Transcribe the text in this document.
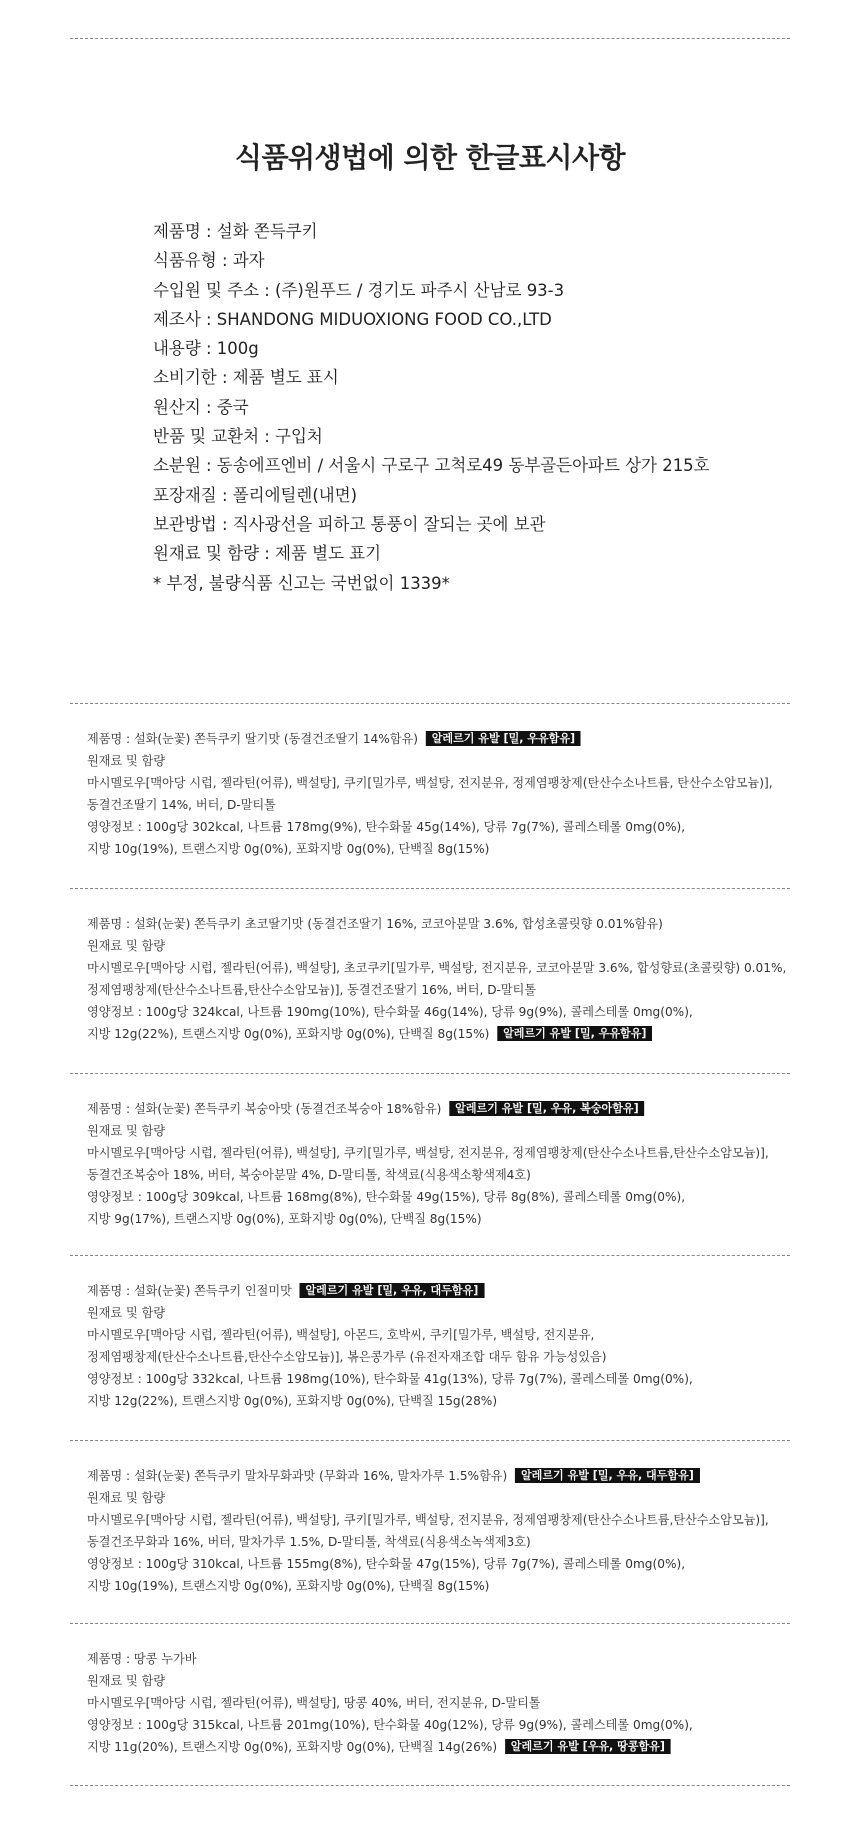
식품위생법에 의한 한글표시사항
제품명 : 설화 쫀득쿠키
식품유형 : 과자
수입원 및 주소 : (주)원푸드 / 경기도 파주시 산남로 93-3
제조사 : SHANDONG MIDUOXIONG FOOD CO.,LTD
내용량 : 100g
소비기한 : 제품 별도 표시
원산지 : 중국
반품 및 교환처 : 구입처
소분원 : 동송에프엔비 / 서울시 구로구 고척로49 동부골든아파트 상가 215호
포장재질 : 폴리에틸렌(내면)
보관방법 : 직사광선을 피하고 통풍이 잘되는 곳에 보관
원재료 및 함량 : 제품 별도 표기
* 부정, 불량식품 신고는 국번없이 1339*
제품명 : 설화(눈꽃) 쫀득쿠키 딸기맛 (동결건조딸기 14%함유) 알레르기 유발 [밀, 우유함유]
원재료 및 함량
마시멜로우[맥아당 시럽, 젤라틴(어류), 백설탕], 쿠키[밀가루, 백설탕, 전지분유, 정제염팽창제(탄산수소나트륨, 탄산수소암모늄)],
동결건조딸기 14%, 버터, D-말티톨
영양정보 : 100g당 302kcal, 나트륨 178mg(9%), 탄수화물 45g(14%), 당류 7g(7%), 콜레스테롤 0mg(0%),
지방 10g(19%), 트랜스지방 0g(0%), 포화지방 0g(0%), 단백질 8g(15%)
제품명 : 설화(눈꽃) 쫀득쿠키 초코딸기맛 (동결건조딸기 16%, 코코아분말 3.6%, 합성초콜릿향 0.01%함유)
원재료 및 함량
마시멜로우[맥아당 시럽, 젤라틴(어류), 백설탕], 초코쿠키[밀가루, 백설탕, 전지분유, 코코아분말 3.6%, 합성향료(초콜릿향) 0.01%,
정제염팽창제(탄산수소나트륨,탄산수소암모늄)], 동결건조딸기 16%, 버터, D-말티톨
영양정보 : 100g당 324kcal, 나트륨 190mg(10%), 탄수화물 46g(14%), 당류 9g(9%), 콜레스테롤 0mg(0%),
지방 12g(22%), 트랜스지방 0g(0%), 포화지방 0g(0%), 단백질 8g(15%) 알레르기 유발 [밀, 우유함유]
제품명 : 설화(눈꽃) 쫀득쿠키 복숭아맛 (동결건조복숭아 18%함유) 알레르기 유발 [밀, 우유, 복숭아함유]
원재료 및 함량
마시멜로우[맥아당 시럽, 젤라틴(어류), 백설탕], 쿠키[밀가루, 백설탕, 전지분유, 정제염팽창제(탄산수소나트륨,탄산수소암모늄)],
동결건조복숭아 18%, 버터, 복숭아분말 4%, D-말티톨, 착색료(식용색소황색제4호)
영양정보 : 100g당 309kcal, 나트륨 168mg(8%), 탄수화물 49g(15%), 당류 8g(8%), 콜레스테롤 0mg(0%),
지방 9g(17%), 트랜스지방 0g(0%), 포화지방 0g(0%), 단백질 8g(15%)
제품명 : 설화(눈꽃) 쫀득쿠키 인절미맛 알레르기 유발 [밀, 우유, 대두함유]
원재료 및 함량
마시멜로우[맥아당 시럽, 젤라틴(어류), 백설탕], 아몬드, 호박씨, 쿠키[밀가루, 백설탕, 전지분유,
정제염팽창제(탄산수소나트륨,탄산수소암모늄)], 볶은콩가루 (유전자재조합 대두 함유 가능성있음)
영양정보 : 100g당 332kcal, 나트륨 198mg(10%), 탄수화물 41g(13%), 당류 7g(7%), 콜레스테롤 0mg(0%),
지방 12g(22%), 트랜스지방 0g(0%), 포화지방 0g(0%), 단백질 15g(28%)
제품명 : 설화(눈꽃) 쫀득쿠키 말차무화과맛 (무화과 16%, 말차가루 1.5%함유) 알레르기 유발 [밀, 우유, 대두함유]
원재료 및 함량
마시멜로우[맥아당 시럽, 젤라틴(어류), 백설탕], 쿠키[밀가루, 백설탕, 전지분유, 정제염팽창제(탄산수소나트륨,탄산수소암모늄)],
동결건조무화과 16%, 버터, 말차가루 1.5%, D-말티톨, 착색료(식용색소녹색제3호)
영양정보 : 100g당 310kcal, 나트륨 155mg(8%), 탄수화물 47g(15%), 당류 7g(7%), 콜레스테롤 0mg(0%),
지방 10g(19%), 트랜스지방 0g(0%), 포화지방 0g(0%), 단백질 8g(15%)
제품명 : 땅콩 누가바
원재료 및 함량
마시멜로우[맥아당 시럽, 젤라틴(어류), 백설탕], 땅콩 40%, 버터, 전지분유, D-말티톨
영양정보 : 100g당 315kcal, 나트륨 201mg(10%), 탄수화물 40g(12%), 당류 9g(9%), 콜레스테롤 0mg(0%),
지방 11g(20%), 트랜스지방 0g(0%), 포화지방 0g(0%), 단백질 14g(26%) 알레르기 유발 [우유, 땅콩함유]
